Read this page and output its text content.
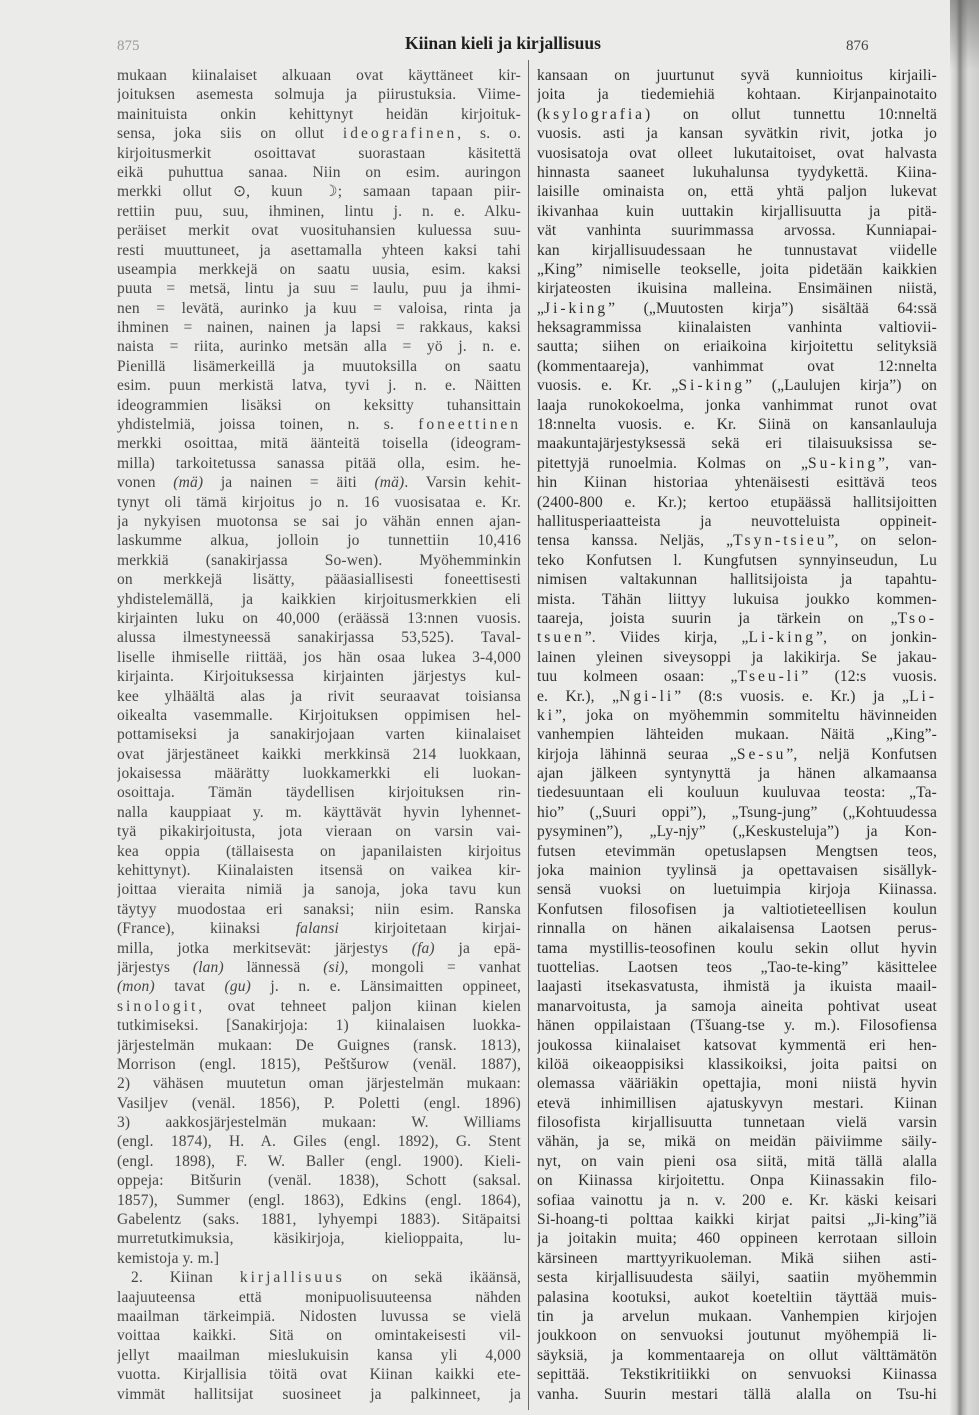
875	Kiinan kieli ja kirjallisuus	876
mukaan kiinalaiset alkuaan ovat käyttäneet kir-
joituksen asemesta solmuja ja piirustuksia. Viime-
mainituista onkin kehittynyt heidän kirjoituk-
sensa, joka siis on ollut ideografinen, s. o.
kirjoitusmerkit osoittavat suorastaan käsitettä
eikä puhuttua sanaa. Niin on esim. auringon
merkki ollut ⊙, kuun ☽; samaan tapaan piir-
rettiin puu, suu, ihminen, lintu j. n. e. Alku-
peräiset merkit ovat vuosituhansien kuluessa suu-
resti muuttuneet, ja asettamalla yhteen kaksi tahi
useampia merkkejä on saatu uusia, esim. kaksi
puuta = metsä, lintu ja suu = laulu, puu ja ihmi-
nen = levätä, aurinko ja kuu = valoisa, rinta ja
ihminen = nainen, nainen ja lapsi = rakkaus, kaksi
naista = riita, aurinko metsän alla = yö j. n. e.
Pienillä lisämerkeillä ja muutoksilla on saatu
esim. puun merkistä latva, tyvi j. n. e. Näitten
ideogrammien lisäksi on keksitty tuhansittain
yhdistelmiä, joissa toinen, n. s. foneettinen
merkki osoittaa, mitä äänteitä toisella (ideogram-
milla) tarkoitetussa sanassa pitää olla, esim. he-
vonen (mä) ja nainen = äiti (mä). Varsin kehit-
tynyt oli tämä kirjoitus jo n. 16 vuosisataa e. Kr.
ja nykyisen muotonsa se sai jo vähän ennen ajan-
laskumme alkua, jolloin jo tunnettiin 10,416
merkkiä (sanakirjassa So-wen). Myöhemminkin
on merkkejä lisätty, pääasiallisesti foneettisesti
yhdistelemällä, ja kaikkien kirjoitusmerkkien eli
kirjainten luku on 40,000 (eräässä 13:nnen vuosis.
alussa ilmestyneessä sanakirjassa 53,525). Taval-
liselle ihmiselle riittää, jos hän osaa lukea 3-4,000
kirjainta. Kirjoituksessa kirjainten järjestys kul-
kee ylhäältä alas ja rivit seuraavat toisiansa
oikealta vasemmalle. Kirjoituksen oppimisen hel-
pottamiseksi ja sanakirjojaan varten kiinalaiset
ovat järjestäneet kaikki merkkinsä 214 luokkaan,
jokaisessa määrätty luokkamerkki eli luokan-
osoittaja. Tämän täydellisen kirjoituksen rin-
nalla kauppiaat y. m. käyttävät hyvin lyhennet-
tyä pikakirjoitusta, jota vieraan on varsin vai-
kea oppia (tällaisesta on japanilaisten kirjoitus
kehittynyt). Kiinalaisten itsensä on vaikea kir-
joittaa vieraita nimiä ja sanoja, joka tavu kun
täytyy muodostaa eri sanaksi; niin esim. Ranska
(France), kiinaksi falansi kirjoitetaan kirjai-
milla, jotka merkitsevät: järjestys (fa) ja epä-
järjestys (lan) lännessä (si), mongoli = vanhat
(mon) tavat (gu) j. n. e. Länsimaitten oppineet,
sinologit, ovat tehneet paljon kiinan kielen
tutkimiseksi. [Sanakirjoja: 1) kiinalaisen luokka-
järjestelmän mukaan: De Guignes (ransk. 1813),
Morrison (engl. 1815), Peštšurow (venäl. 1887),
2) vähäsen muutetun oman järjestelmän mukaan:
Vasiljev (venäl. 1856), P. Poletti (engl. 1896)
3) aakkosjärjestelmän mukaan: W. Williams
(engl. 1874), H. A. Giles (engl. 1892), G. Stent
(engl. 1898), F. W. Baller (engl. 1900). Kieli-
oppeja: Bitšurin (venäl. 1838), Schott (saksal.
1857), Summer (engl. 1863), Edkins (engl. 1864),
Gabelentz (saks. 1881, lyhyempi 1883). Sitäpaitsi
murretutkimuksia, käsikirjoja, kielioppaita, lu-
kemistoja y. m.]
2. Kiinan kirjallisuus on sekä ikäänsä,
laajuuteensa että monipuolisuuteensa nähden
maailman tärkeimpiä. Nidosten luvussa se vielä
voittaa kaikki. Sitä on omintakeisesti vil-
jellyt maailman mieslukuisin kansa yli 4,000
vuotta. Kirjallisia töitä ovat Kiinan kaikki ete-
vimmät hallitsijat suosineet ja palkinneet, ja
kansaan on juurtunut syvä kunnioitus kirjaili-
joita ja tiedemiehiä kohtaan. Kirjanpainotaito
(ksylografia) on ollut tunnettu 10:nneltä
vuosis. asti ja kansan syvätkin rivit, jotka jo
vuosisatoja ovat olleet lukutaitoiset, ovat halvasta
hinnasta saaneet lukuhalunsa tyydykettä. Kiina-
laisille ominaista on, että yhtä paljon lukevat
ikivanhaa kuin uuttakin kirjallisuutta ja pitä-
vät vanhinta suurimmassa arvossa. Kunniapai-
kan kirjallisuudessaan he tunnustavat viidelle
„King” nimiselle teokselle, joita pidetään kaikkien
kirjateosten ikuisina malleina. Ensimäinen niistä,
„Ji-king” („Muutosten kirja”) sisältää 64:ssä
heksagrammissa kiinalaisten vanhinta valtiovii-
sautta; siihen on eriaikoina kirjoitettu selityksiä
(kommentaareja), vanhimmat ovat 12:nnelta
vuosis. e. Kr. „Si-king” („Laulujen kirja”) on
laaja runokokoelma, jonka vanhimmat runot ovat
18:nnelta vuosis. e. Kr. Siinä on kansanlauluja
maakuntajärjestyksessä sekä eri tilaisuuksissa se-
pitettyjä runoelmia. Kolmas on „Su-king”, van-
hin Kiinan historiaa yhtenäisesti esittävä teos
(2400-800 e. Kr.); kertoo etupäässä hallitsijoitten
hallitusperiaatteista ja neuvotteluista oppineit-
tensa kanssa. Neljäs, „Tsyn-tsieu”, on selon-
teko Konfutsen l. Kungfutsen synnyinseudun, Lu
nimisen valtakunnan hallitsijoista ja tapahtu-
mista. Tähän liittyy lukuisa joukko kommen-
taareja, joista suurin ja tärkein on „Tso-
tsuen”. Viides kirja, „Li-king”, on jonkin-
lainen yleinen siveysoppi ja lakikirja. Se jakau-
tuu kolmeen osaan: „Tseu-li” (12:s vuosis.
e. Kr.), „Ngi-li” (8:s vuosis. e. Kr.) ja „Li-
ki”, joka on myöhemmin sommiteltu hävinneiden
vanhempien lähteiden mukaan. Näitä „King”-
kirjoja lähinnä seuraa „Se-su”, neljä Konfutsen
ajan jälkeen syntynyttä ja hänen alkamaansa
tiedesuuntaan eli kouluun kuuluvaa teosta: „Ta-
hio” („Suuri oppi”), „Tsung-jung” („Kohtuudessa
pysyminen”), „Ly-njy” („Keskusteluja”) ja Kon-
futsen etevimmän opetuslapsen Mengtsen teos,
joka mainion tyylinsä ja opettavaisen sisällyk-
sensä vuoksi on luetuimpia kirjoja Kiinassa.
Konfutsen filosofisen ja valtiotieteellisen koulun
rinnalla on hänen aikalaisensa Laotsen perus-
tama mystillis-teosofinen koulu sekin ollut hyvin
tuottelias. Laotsen teos „Tao-te-king” käsittelee
laajasti itsekasvatusta, ihmistä ja ikuista maail-
manarvoitusta, ja samoja aineita pohtivat useat
hänen oppilaistaan (Tšuang-tse y. m.). Filosofiensa
joukossa kiinalaiset katsovat kymmentä eri hen-
kilöä oikeaoppisiksi klassikoiksi, joita paitsi on
olemassa vääriäkin opettajia, moni niistä hyvin
etevä inhimillisen ajatuskyvyn mestari. Kiinan
filosofista kirjallisuutta tunnetaan vielä varsin
vähän, ja se, mikä on meidän päiviimme säily-
nyt, on vain pieni osa siitä, mitä tällä alalla
on Kiinassa kirjoitettu. Onpa Kiinassakin filo-
sofiaa vainottu ja n. v. 200 e. Kr. käski keisari
Si-hoang-ti polttaa kaikki kirjat paitsi „Ji-king”iä
ja joitakin muita; 460 oppineen kerrotaan silloin
kärsineen marttyyrikuoleman. Mikä siihen asti-
sesta kirjallisuudesta säilyi, saatiin myöhemmin
palasina kootuksi, aukot koeteltiin täyttää muis-
tin ja arvelun mukaan. Vanhempien kirjojen
joukkoon on senvuoksi joutunut myöhempiä li-
säyksiä, ja kommentaareja on ollut välttämätön
sepittää. Tekstikritiikki on senvuoksi Kiinassa
vanha. Suurin mestari tällä alalla on Tsu-hi
